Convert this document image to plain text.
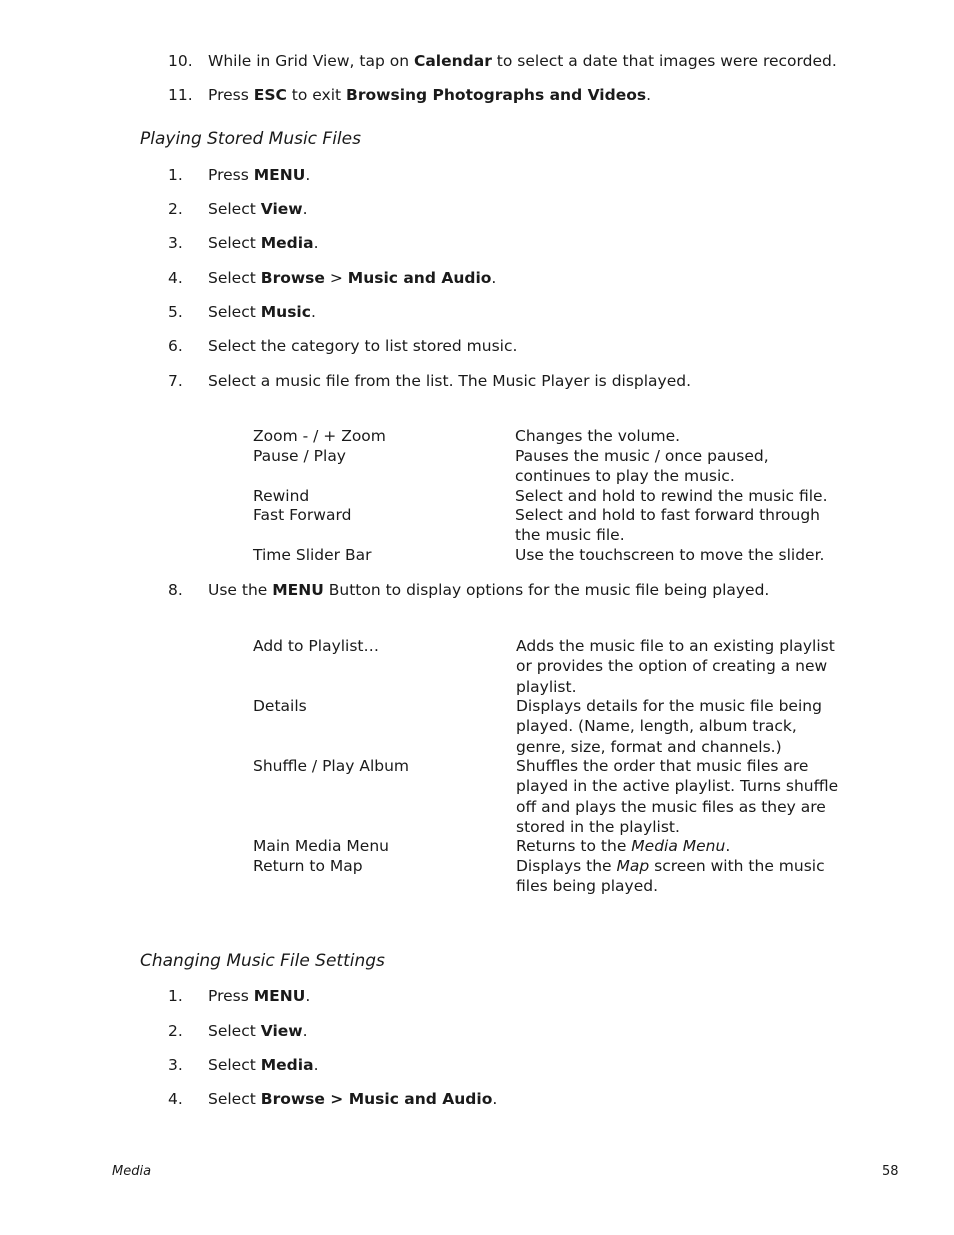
10. While in Grid View, tap on Calendar to select a date that images were recorded.
11. Press ESC to exit Browsing Photographs and Videos.
Playing Stored Music Files
1. Press MENU.
2. Select View.
3. Select Media.
4. Select Browse > Music and Audio.
5. Select Music.
6. Select the category to list stored music.
7. Select a music file from the list. The Music Player is displayed.
Zoom - / + Zoom	Changes the volume.
Pause / Play	Pauses the music / once paused,
continues to play the music.
Rewind	Select and hold to rewind the music file.
Fast Forward	Select and hold to fast forward through
the music file.
Time Slider Bar	Use the touchscreen to move the slider.
8. Use the MENU Button to display options for the music file being played.
Add to Playlist…	Adds the music file to an existing playlist
or provides the option of creating a new
playlist.
Details	Displays details for the music file being
played. (Name, length, album track,
genre, size, format and channels.)
Shuffle / Play Album	Shuffles the order that music files are
played in the active playlist. Turns shuffle
off and plays the music files as they are
stored in the playlist.
Main Media Menu	Returns to the Media Menu.
Return to Map	Displays the Map screen with the music
files being played.
Changing Music File Settings
1. Press MENU.
2. Select View.
3. Select Media.
4. Select Browse > Music and Audio.
Media	58
